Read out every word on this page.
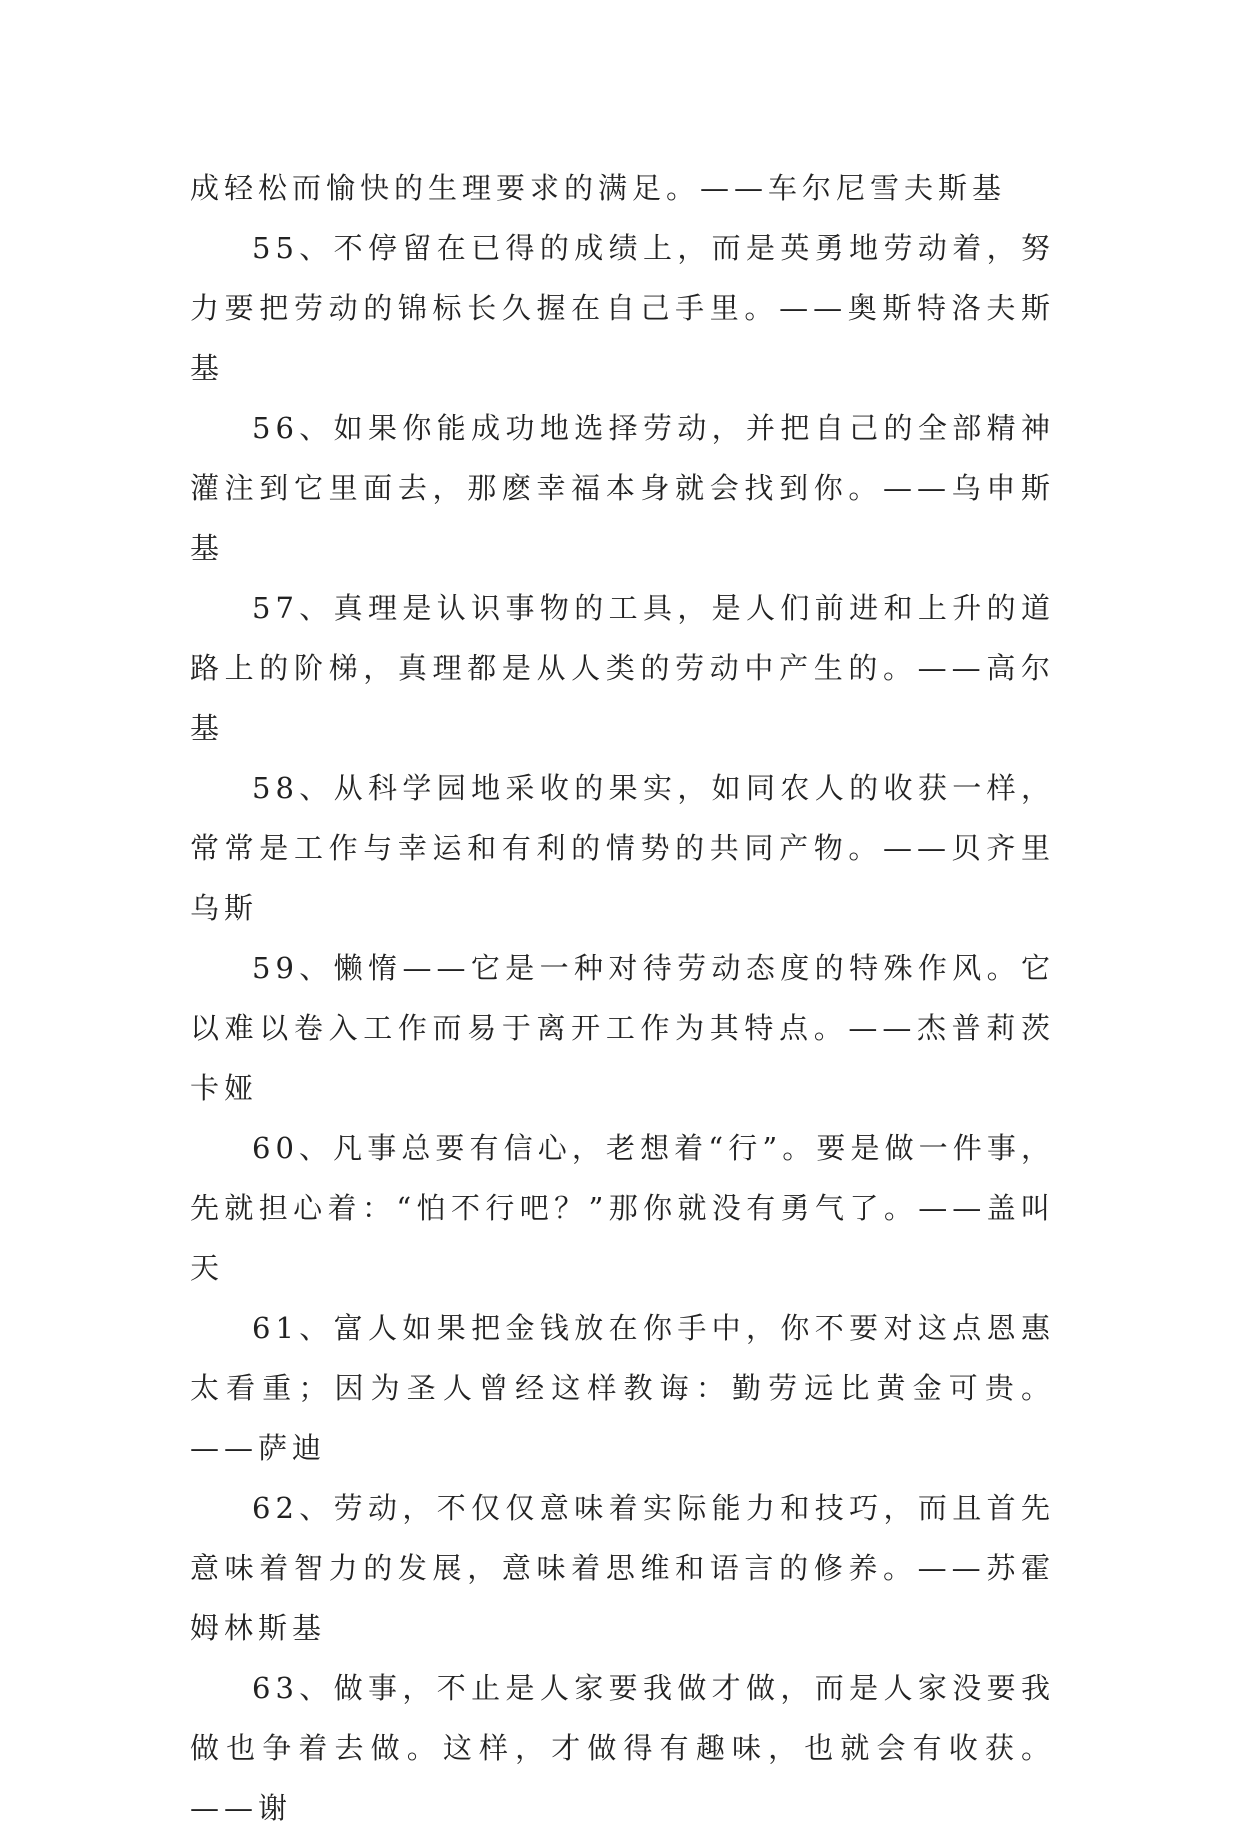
成轻松而愉快的生理要求的满足。——车尔尼雪夫斯基

55、不停留在已得的成绩上，而是英勇地劳动着，努力要把劳动的锦标长久握在自己手里。——奥斯特洛夫斯基

56、如果你能成功地选择劳动，并把自己的全部精神灌注到它里面去，那麽幸福本身就会找到你。——乌申斯基

57、真理是认识事物的工具，是人们前进和上升的道路上的阶梯，真理都是从人类的劳动中产生的。——高尔基

58、从科学园地采收的果实，如同农人的收获一样，常常是工作与幸运和有利的情势的共同产物。——贝齐里乌斯

59、懒惰——它是一种对待劳动态度的特殊作风。它以难以卷入工作而易于离开工作为其特点。——杰普莉茨卡娅

60、凡事总要有信心，老想着“行”。要是做一件事，先就担心着：“怕不行吧？”那你就没有勇气了。——盖叫天

61、富人如果把金钱放在你手中，你不要对这点恩惠太看重；因为圣人曾经这样教诲：勤劳远比黄金可贵。——萨迪

62、劳动，不仅仅意味着实际能力和技巧，而且首先意味着智力的发展，意味着思维和语言的修养。——苏霍姆林斯基

63、做事，不止是人家要我做才做，而是人家没要我做也争着去做。这样，才做得有趣味，也就会有收获。——谢
